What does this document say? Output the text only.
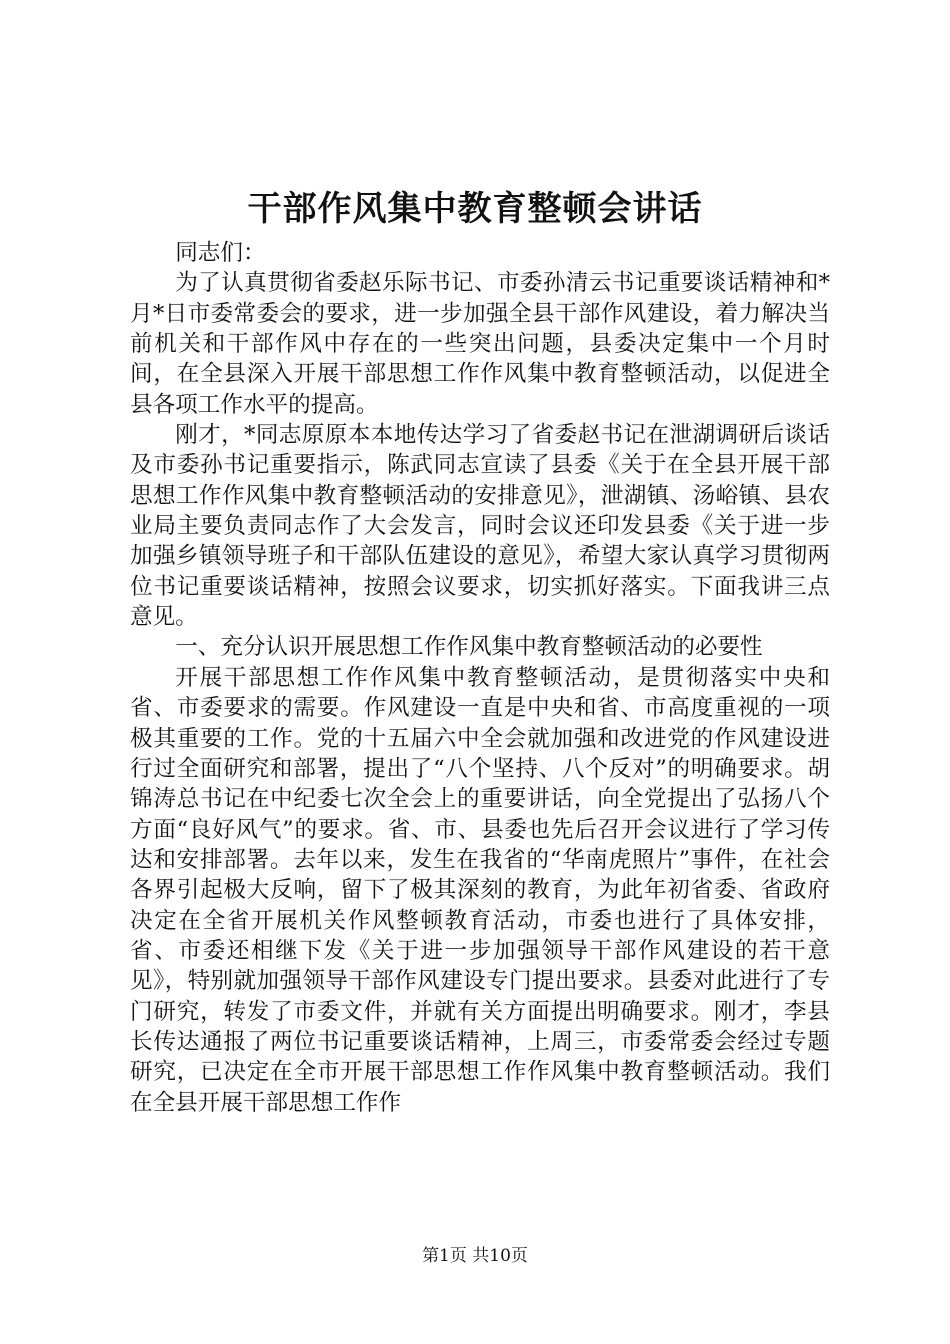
干部作风集中教育整顿会讲话

同志们：

为了认真贯彻省委赵乐际书记、市委孙清云书记重要谈话精神和*月*日市委常委会的要求，进一步加强全县干部作风建设，着力解决当前机关和干部作风中存在的一些突出问题，县委决定集中一个月时间，在全县深入开展干部思想工作作风集中教育整顿活动，以促进全县各项工作水平的提高。

刚才，*同志原原本本地传达学习了省委赵书记在泄湖调研后谈话及市委孙书记重要指示，陈武同志宣读了县委《关于在全县开展干部思想工作作风集中教育整顿活动的安排意见》，泄湖镇、汤峪镇、县农业局主要负责同志作了大会发言，同时会议还印发县委《关于进一步加强乡镇领导班子和干部队伍建设的意见》，希望大家认真学习贯彻两位书记重要谈话精神，按照会议要求，切实抓好落实。下面我讲三点意见。

一、充分认识开展思想工作作风集中教育整顿活动的必要性

开展干部思想工作作风集中教育整顿活动，是贯彻落实中央和省、市委要求的需要。作风建设一直是中央和省、市高度重视的一项极其重要的工作。党的十五届六中全会就加强和改进党的作风建设进行过全面研究和部署，提出了“八个坚持、八个反对”的明确要求。胡锦涛总书记在中纪委七次全会上的重要讲话，向全党提出了弘扬八个方面“良好风气”的要求。省、市、县委也先后召开会议进行了学习传达和安排部署。去年以来，发生在我省的“华南虎照片”事件，在社会各界引起极大反响，留下了极其深刻的教育，为此年初省委、省政府决定在全省开展机关作风整顿教育活动，市委也进行了具体安排，省、市委还相继下发《关于进一步加强领导干部作风建设的若干意见》，特别就加强领导干部作风建设专门提出要求。县委对此进行了专门研究，转发了市委文件，并就有关方面提出明确要求。刚才，李县长传达通报了两位书记重要谈话精神，上周三，市委常委会经过专题研究，已决定在全市开展干部思想工作作风集中教育整顿活动。我们在全县开展干部思想工作作

第1页 共10页
